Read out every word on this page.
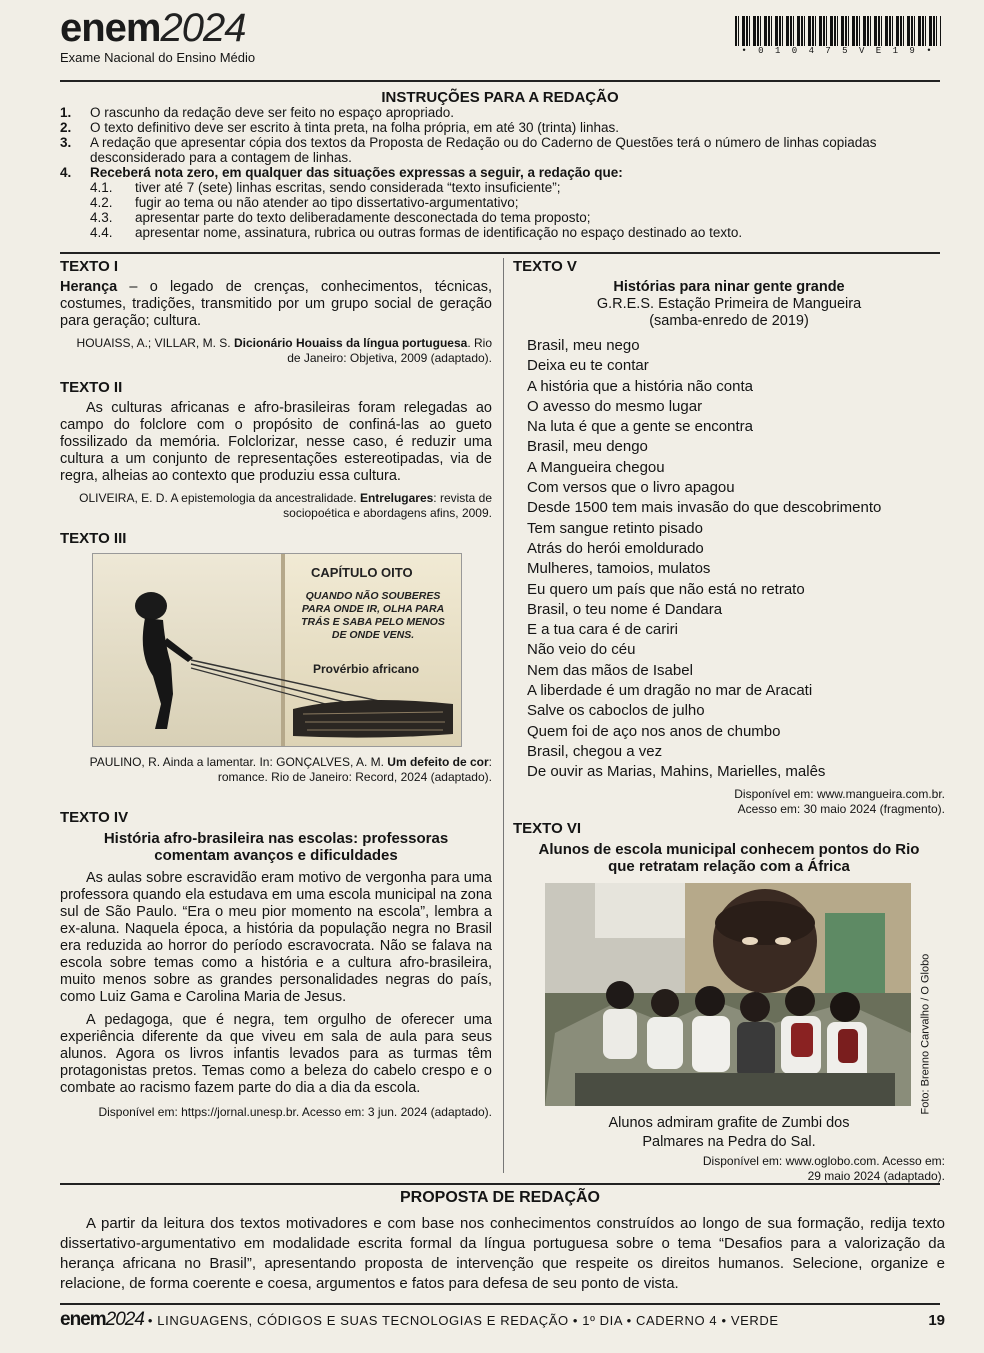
enem2024
Exame Nacional do Ensino Médio	• 0 1 0 4 7 5 V E 1 9 •
INSTRUÇÕES PARA A REDAÇÃO
1.	O rascunho da redação deve ser feito no espaço apropriado.
2.	O texto definitivo deve ser escrito à tinta preta, na folha própria, em até 30 (trinta) linhas.
3.	A redação que apresentar cópia dos textos da Proposta de Redação ou do Caderno de Questões terá o número de linhas copiadas desconsiderado para a contagem de linhas.
4.	Receberá nota zero, em qualquer das situações expressas a seguir, a redação que:
4.1.	tiver até 7 (sete) linhas escritas, sendo considerada “texto insuficiente”;
4.2.	fugir ao tema ou não atender ao tipo dissertativo-argumentativo;
4.3.	apresentar parte do texto deliberadamente desconectada do tema proposto;
4.4.	apresentar nome, assinatura, rubrica ou outras formas de identificação no espaço destinado ao texto.
TEXTO I

Herança – o legado de crenças, conhecimentos, técnicas, costumes, tradições, transmitido por um grupo social de geração para geração; cultura.

HOUAISS, A.; VILLAR, M. S. Dicionário Houaiss da língua portuguesa. Rio de Janeiro: Objetiva, 2009 (adaptado).
TEXTO II

As culturas africanas e afro-brasileiras foram relegadas ao campo do folclore com o propósito de confiná-las ao gueto fossilizado da memória. Folclorizar, nesse caso, é reduzir uma cultura a um conjunto de representações estereotipadas, via de regra, alheias ao contexto que produziu essa cultura.

OLIVEIRA, E. D. A epistemologia da ancestralidade. Entrelugares: revista de sociopoética e abordagens afins, 2009.
TEXTO III
CAPÍTULO OITO
QUANDO NÃO SOUBERES PARA ONDE IR, OLHA PARA TRÁS E SABA PELO MENOS DE ONDE VENS.
Provérbio africano
PAULINO, R. Ainda a lamentar. In: GONÇALVES, A. M. Um defeito de cor: romance. Rio de Janeiro: Record, 2024 (adaptado).
TEXTO IV
História afro-brasileira nas escolas: professoras comentam avanços e dificuldades

As aulas sobre escravidão eram motivo de vergonha para uma professora quando ela estudava em uma escola municipal na zona sul de São Paulo. “Era o meu pior momento na escola”, lembra a ex-aluna. Naquela época, a história da população negra no Brasil era reduzida ao horror do período escravocrata. Não se falava na escola sobre temas como a história e a cultura afro-brasileira, muito menos sobre as grandes personalidades negras do país, como Luiz Gama e Carolina Maria de Jesus.

A pedagoga, que é negra, tem orgulho de oferecer uma experiência diferente da que viveu em sala de aula para seus alunos. Agora os livros infantis levados para as turmas têm protagonistas pretos. Temas como a beleza do cabelo crespo e o combate ao racismo fazem parte do dia a dia da escola.

Disponível em: https://jornal.unesp.br. Acesso em: 3 jun. 2024 (adaptado).
TEXTO V
Histórias para ninar gente grande
G.R.E.S. Estação Primeira de Mangueira
(samba-enredo de 2019)
Brasil, meu nego
Deixa eu te contar
A história que a história não conta
O avesso do mesmo lugar
Na luta é que a gente se encontra
Brasil, meu dengo
A Mangueira chegou
Com versos que o livro apagou
Desde 1500 tem mais invasão do que descobrimento
Tem sangue retinto pisado
Atrás do herói emoldurado
Mulheres, tamoios, mulatos
Eu quero um país que não está no retrato
Brasil, o teu nome é Dandara
E a tua cara é de cariri
Não veio do céu
Nem das mãos de Isabel
A liberdade é um dragão no mar de Aracati
Salve os caboclos de julho
Quem foi de aço nos anos de chumbo
Brasil, chegou a vez
De ouvir as Marias, Mahins, Marielles, malês
Disponível em: www.mangueira.com.br.
Acesso em: 30 maio 2024 (fragmento).
TEXTO VI
Alunos de escola municipal conhecem pontos do Rio que retratam relação com a África
Foto: Brenno Carvalho / O Globo
Alunos admiram grafite de Zumbi dos
Palmares na Pedra do Sal.
Disponível em: www.oglobo.com. Acesso em:
29 maio 2024 (adaptado).
PROPOSTA DE REDAÇÃO

A partir da leitura dos textos motivadores e com base nos conhecimentos construídos ao longo de sua formação, redija texto dissertativo-argumentativo em modalidade escrita formal da língua portuguesa sobre o tema “Desafios para a valorização da herança africana no Brasil”, apresentando proposta de intervenção que respeite os direitos humanos. Selecione, organize e relacione, de forma coerente e coesa, argumentos e fatos para defesa de seu ponto de vista.

enem2024 • LINGUAGENS, CÓDIGOS E SUAS TECNOLOGIAS E REDAÇÃO • 1º DIA • CADERNO 4 • VERDE	19
